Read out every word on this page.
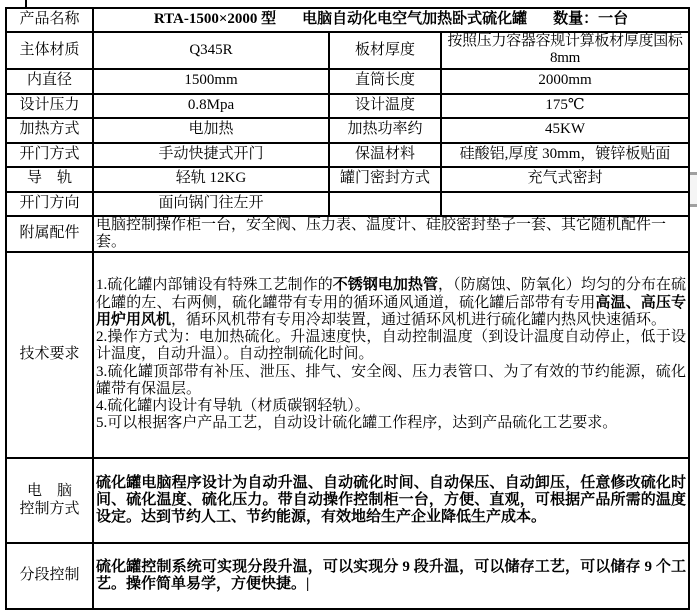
产品名称	RTA-1500×2000 型 电脑自动化电空气加热卧式硫化罐 数量：一台		

主体材质	Q345R	板材厚度	按照压力容器容规计算板材厚度国标 8mm
内直径	1500mm	直筒长度	2000mm
设计压力	0.8Mpa	设计温度	175℃
加热方式	电加热	加热功率约	45KW
开门方式	手动快捷式开门	保温材料	硅酸铝,厚度 30mm，镀锌板贴面
导　轨	轻轨 12KG	罐门密封方式	充气式密封
开门方向	面向锅门往左开		
附属配件	电脑控制操作柜一台，安全阀、压力表、温度计、硅胶密封垫子一套、其它随机配件一套。		
技术要求	1.硫化罐内部铺设有特殊工艺制作的不锈钢电加热管，（防腐蚀、防氧化）均匀的分布在硫化罐的左、右两侧，硫化罐带有专用的循环通风通道，硫化罐后部带有专用高温、高压专用炉用风机，循环风机带有专用冷却装置，通过循环风机进行硫化罐内热风快速循环。
2.操作方式为：电加热硫化。升温速度快，自动控制温度（到设计温度自动停止，低于设计温度，自动升温）。自动控制硫化时间。
3.硫化罐顶部带有补压、泄压、排气、安全阀、压力表管口、为了有效的节约能源，硫化罐带有保温层。
4.硫化罐内设计有导轨（材质碳钢轻轨）。
5.可以根据客户产品工艺，自动设计硫化罐工作程序，达到产品硫化工艺要求。		

电　脑
控制方式	硫化罐电脑程序设计为自动升温、自动硫化时间、自动保压、自动卸压，任意修改硫化时间、硫化温度、硫化压力。带自动操作控制柜一台，方便、直观，可根据产品所需的温度设定。达到节约人工、节约能源，有效地给生产企业降低生产成本。		
分段控制	硫化罐控制系统可实现分段升温，可以实现分 9 段升温，可以储存工艺，可以储存 9 个工艺。操作简单易学，方便快捷。|		
